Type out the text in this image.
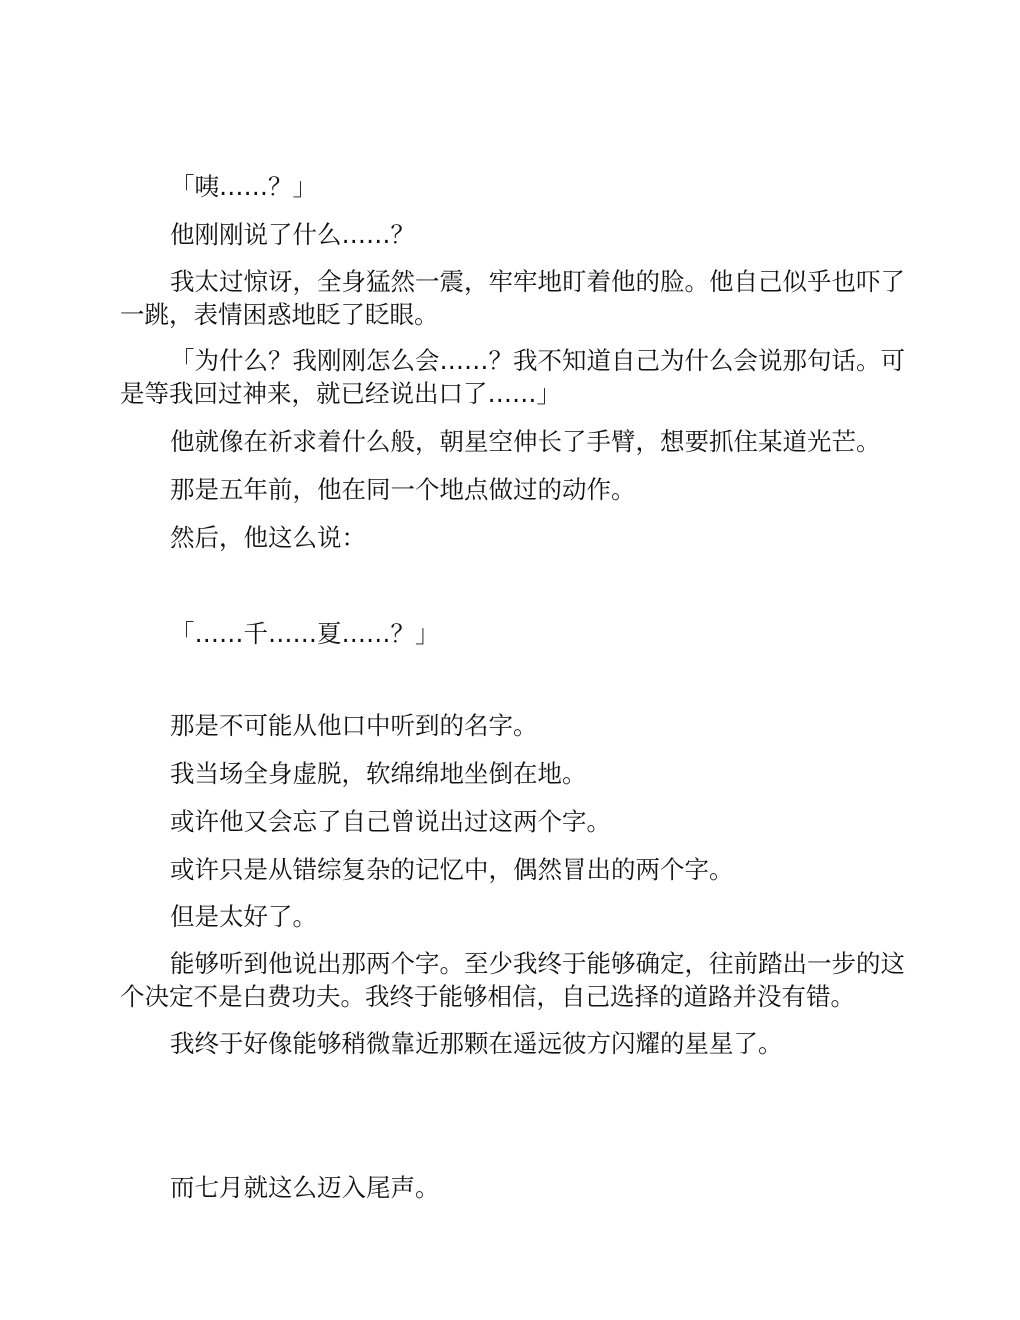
「咦……？」

他刚刚说了什么……？

我太过惊讶，全身猛然一震，牢牢地盯着他的脸。他自己似乎也吓了一跳，表情困惑地眨了眨眼。

「为什么？我刚刚怎么会……？我不知道自己为什么会说那句话。可是等我回过神来，就已经说出口了……」

他就像在祈求着什么般，朝星空伸长了手臂，想要抓住某道光芒。

那是五年前，他在同一个地点做过的动作。

然后，他这么说：

「……千……夏……？」

那是不可能从他口中听到的名字。

我当场全身虚脱，软绵绵地坐倒在地。

或许他又会忘了自己曾说出过这两个字。

或许只是从错综复杂的记忆中，偶然冒出的两个字。

但是太好了。

能够听到他说出那两个字。至少我终于能够确定，往前踏出一步的这个决定不是白费功夫。我终于能够相信，自己选择的道路并没有错。

我终于好像能够稍微靠近那颗在遥远彼方闪耀的星星了。

而七月就这么迈入尾声。
